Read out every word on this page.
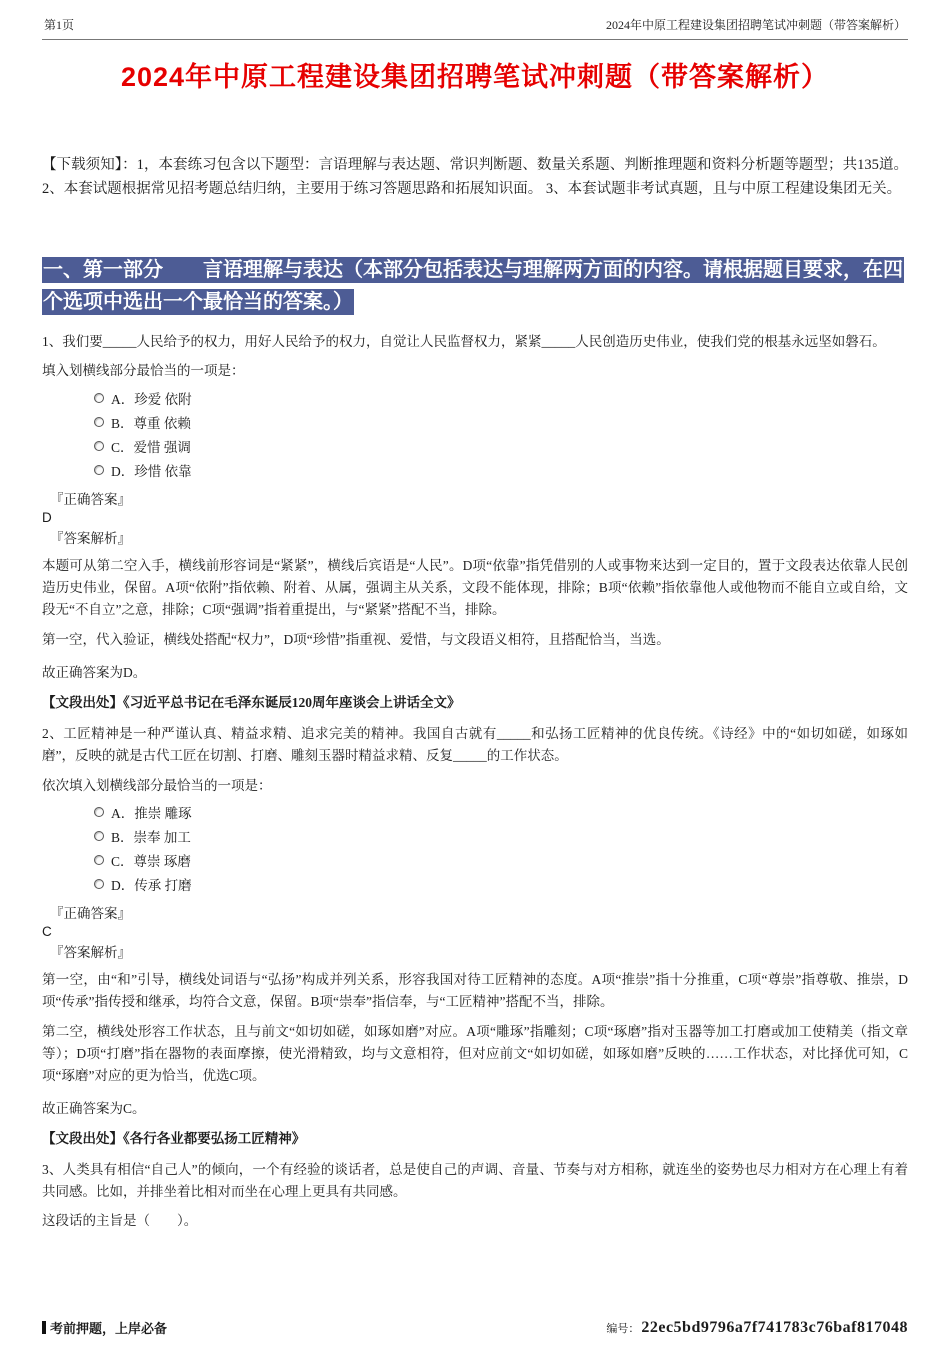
第1页	2024年中原工程建设集团招聘笔试冲刺题（带答案解析）
2024年中原工程建设集团招聘笔试冲刺题（带答案解析）

【下载须知】：1，本套练习包含以下题型：言语理解与表达题、常识判断题、数量关系题、判断推理题和资料分析题等题型；共135道。2、本套试题根据常见招考题总结归纳，主要用于练习答题思路和拓展知识面。 3、本套试题非考试真题，且与中原工程建设集团无关。

一、第一部分　　言语理解与表达（本部分包括表达与理解两方面的内容。请根据题目要求，在四个选项中选出一个最恰当的答案。）

1、我们要_____人民给予的权力，用好人民给予的权力，自觉让人民监督权力，紧紧_____人民创造历史伟业，使我们党的根基永远坚如磐石。

填入划横线部分最恰当的一项是：

A．珍爱 依附
B．尊重 依赖
C．爱惜 强调
D．珍惜 依靠

『正确答案』

D

『答案解析』

本题可从第二空入手，横线前形容词是“紧紧”，横线后宾语是“人民”。D项“依靠”指凭借别的人或事物来达到一定目的，置于文段表达依靠人民创造历史伟业，保留。A项“依附”指依赖、附着、从属，强调主从关系，文段不能体现，排除；B项“依赖”指依靠他人或他物而不能自立或自给，文段无“不自立”之意，排除；C项“强调”指着重提出，与“紧紧”搭配不当，排除。

第一空，代入验证，横线处搭配“权力”，D项“珍惜”指重视、爱惜，与文段语义相符，且搭配恰当，当选。

故正确答案为D。

【文段出处】《习近平总书记在毛泽东诞辰120周年座谈会上讲话全文》

2、工匠精神是一种严谨认真、精益求精、追求完美的精神。我国自古就有_____和弘扬工匠精神的优良传统。《诗经》中的“如切如磋，如琢如磨”，反映的就是古代工匠在切割、打磨、雕刻玉器时精益求精、反复_____的工作状态。

依次填入划横线部分最恰当的一项是：

A．推崇 雕琢
B．崇奉 加工
C．尊崇 琢磨
D．传承 打磨

『正确答案』

C

『答案解析』

第一空，由“和”引导，横线处词语与“弘扬”构成并列关系，形容我国对待工匠精神的态度。A项“推崇”指十分推重，C项“尊崇”指尊敬、推崇，D项“传承”指传授和继承，均符合文意，保留。B项“崇奉”指信奉，与“工匠精神”搭配不当，排除。

第二空，横线处形容工作状态，且与前文“如切如磋，如琢如磨”对应。A项“雕琢”指雕刻；C项“琢磨”指对玉器等加工打磨或加工使精美（指文章等）；D项“打磨”指在器物的表面摩擦，使光滑精致，均与文意相符，但对应前文“如切如磋，如琢如磨”反映的……工作状态，对比择优可知，C项“琢磨”对应的更为恰当，优选C项。

故正确答案为C。

【文段出处】《各行各业都要弘扬工匠精神》

3、人类具有相信“自己人”的倾向，一个有经验的谈话者，总是使自己的声调、音量、节奏与对方相称，就连坐的姿势也尽力相对方在心理上有着共同感。比如，并排坐着比相对而坐在心理上更具有共同感。

这段话的主旨是（　　）。

考前押题，上岸必备	编号： 22ec5bd9796a7f741783c76baf817048
